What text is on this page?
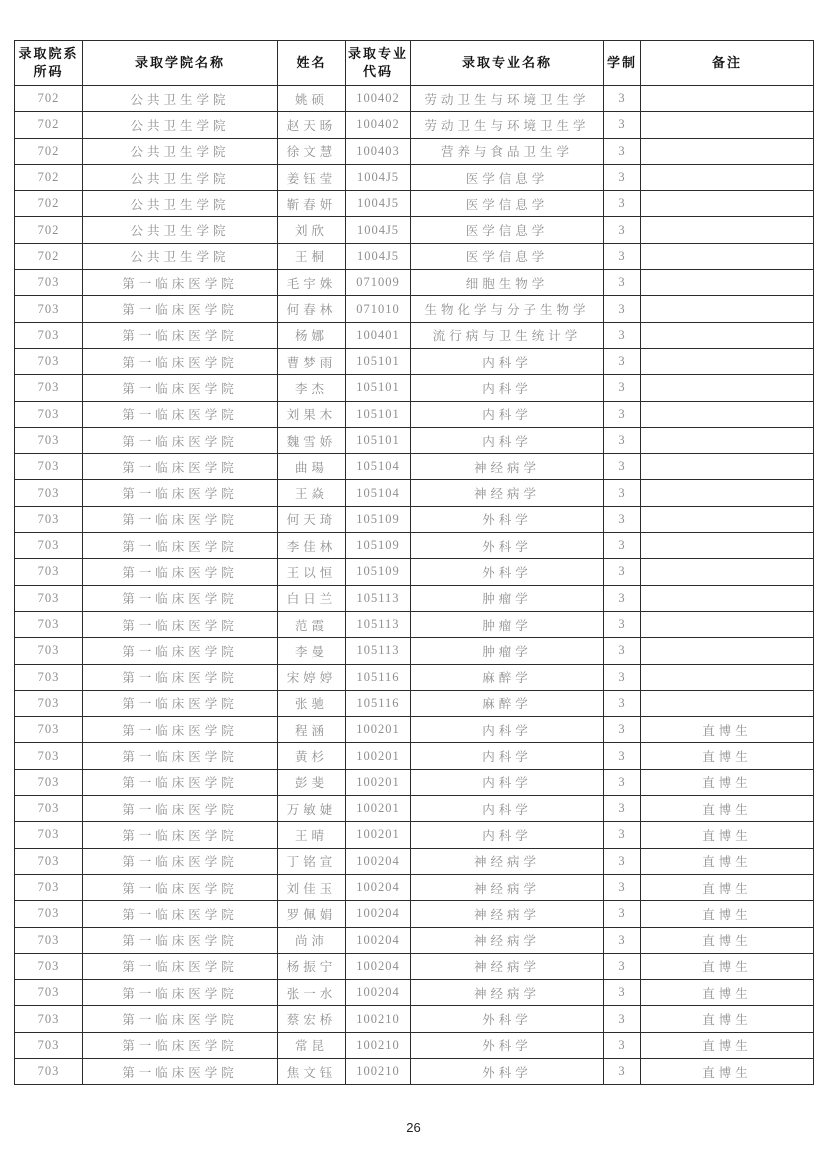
录取院系所码	录取学院名称	姓名	录取专业代码	录取专业名称	学制	备注
702	公共卫生学院	姚硕	100402	劳动卫生与环境卫生学	3	
702	公共卫生学院	赵天旸	100402	劳动卫生与环境卫生学	3	
702	公共卫生学院	徐文慧	100403	营养与食品卫生学	3	
702	公共卫生学院	姜钰莹	1004J5	医学信息学	3	
702	公共卫生学院	靳春妍	1004J5	医学信息学	3	
702	公共卫生学院	刘欣	1004J5	医学信息学	3	
702	公共卫生学院	王桐	1004J5	医学信息学	3	
703	第一临床医学院	毛宇姝	071009	细胞生物学	3	
703	第一临床医学院	何春林	071010	生物化学与分子生物学	3	
703	第一临床医学院	杨娜	100401	流行病与卫生统计学	3	
703	第一临床医学院	曹梦雨	105101	内科学	3	
703	第一临床医学院	李杰	105101	内科学	3	
703	第一临床医学院	刘果木	105101	内科学	3	
703	第一临床医学院	魏雪娇	105101	内科学	3	
703	第一临床医学院	曲瑒	105104	神经病学	3	
703	第一临床医学院	王焱	105104	神经病学	3	
703	第一临床医学院	何天琦	105109	外科学	3	
703	第一临床医学院	李佳林	105109	外科学	3	
703	第一临床医学院	王以恒	105109	外科学	3	
703	第一临床医学院	白日兰	105113	肿瘤学	3	
703	第一临床医学院	范霞	105113	肿瘤学	3	
703	第一临床医学院	李曼	105113	肿瘤学	3	
703	第一临床医学院	宋婷婷	105116	麻醉学	3	
703	第一临床医学院	张驰	105116	麻醉学	3	
703	第一临床医学院	程涵	100201	内科学	3	直博生
703	第一临床医学院	黄杉	100201	内科学	3	直博生
703	第一临床医学院	彭斐	100201	内科学	3	直博生
703	第一临床医学院	万敏婕	100201	内科学	3	直博生
703	第一临床医学院	王晴	100201	内科学	3	直博生
703	第一临床医学院	丁铭宣	100204	神经病学	3	直博生
703	第一临床医学院	刘佳玉	100204	神经病学	3	直博生
703	第一临床医学院	罗佩娟	100204	神经病学	3	直博生
703	第一临床医学院	尚沛	100204	神经病学	3	直博生
703	第一临床医学院	杨振宁	100204	神经病学	3	直博生
703	第一临床医学院	张一水	100204	神经病学	3	直博生
703	第一临床医学院	蔡宏桥	100210	外科学	3	直博生
703	第一临床医学院	常昆	100210	外科学	3	直博生
703	第一临床医学院	焦文钰	100210	外科学	3	直博生
26
